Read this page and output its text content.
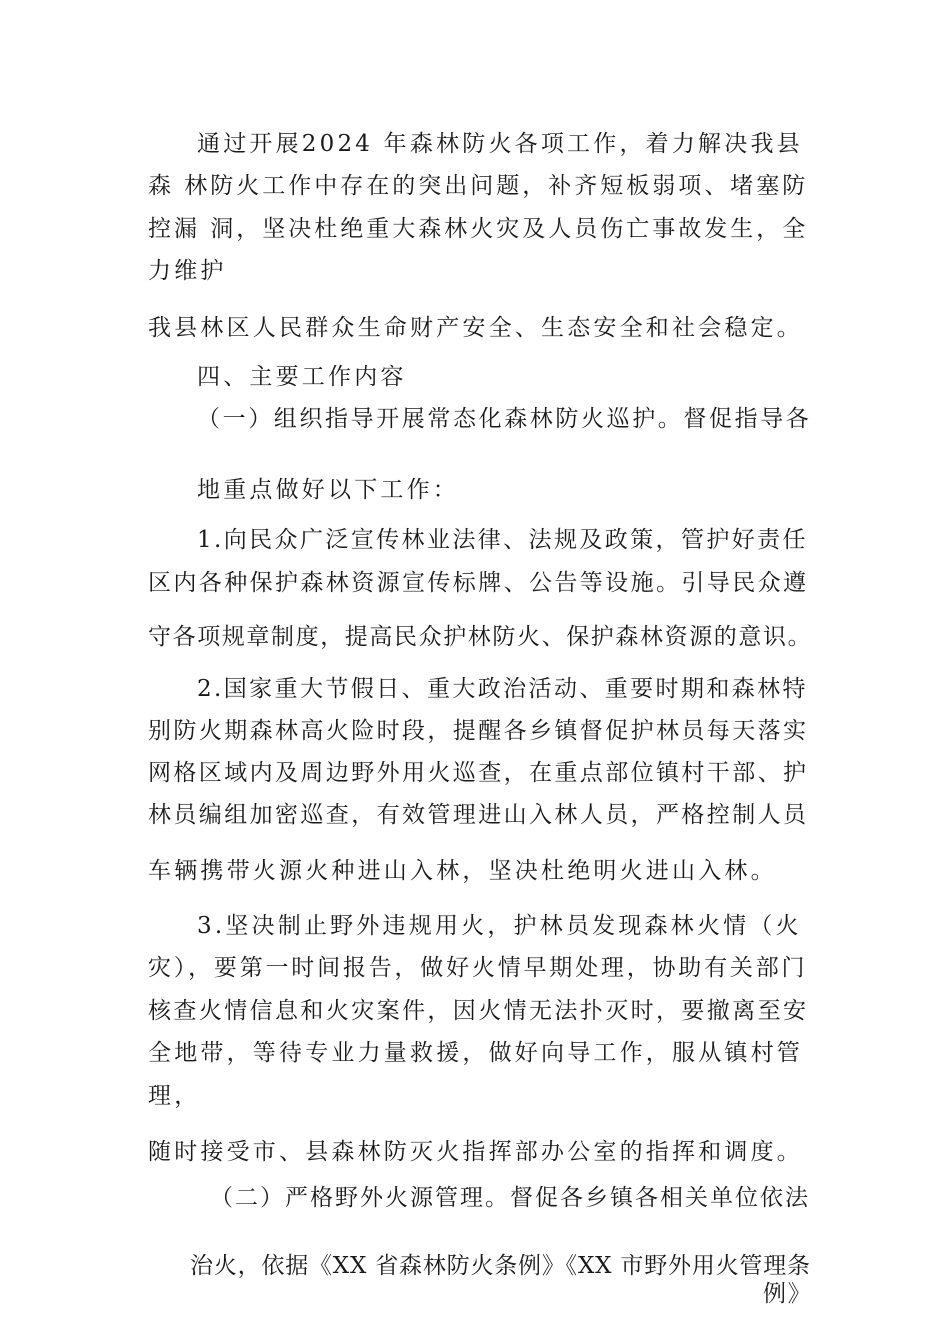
通过开展2024 年森林防火各项工作，着力解决我县
森 林防火工作中存在的突出问题，补齐短板弱项、堵塞防
控漏 洞，坚决杜绝重大森林火灾及人员伤亡事故发生，全
力维护
我县林区人民群众生命财产安全、生态安全和社会稳定。
四、主要工作内容
（一）组织指导开展常态化森林防火巡护。督促指导各
地重点做好以下工作：
1.向民众广泛宣传林业法律、法规及政策，管护好责任
区内各种保护森林资源宣传标牌、公告等设施。引导民众遵
守各项规章制度，提高民众护林防火、保护森林资源的意识。
2.国家重大节假日、重大政治活动、重要时期和森林特
别防火期森林高火险时段，提醒各乡镇督促护林员每天落实
网格区域内及周边野外用火巡查，在重点部位镇村干部、护
林员编组加密巡查，有效管理进山入林人员，严格控制人员
车辆携带火源火种进山入林，坚决杜绝明火进山入林。
3.坚决制止野外违规用火，护林员发现森林火情（火
灾），要第一时间报告，做好火情早期处理，协助有关部门
核查火情信息和火灾案件，因火情无法扑灭时，要撤离至安
全地带，等待专业力量救援，做好向导工作，服从镇村管
理，
随时接受市、县森林防灭火指挥部办公室的指挥和调度。
（二）严格野外火源管理。督促各乡镇各相关单位依法
治火，依据《XX 省森林防火条例》《XX 市野外用火管理条
例》
